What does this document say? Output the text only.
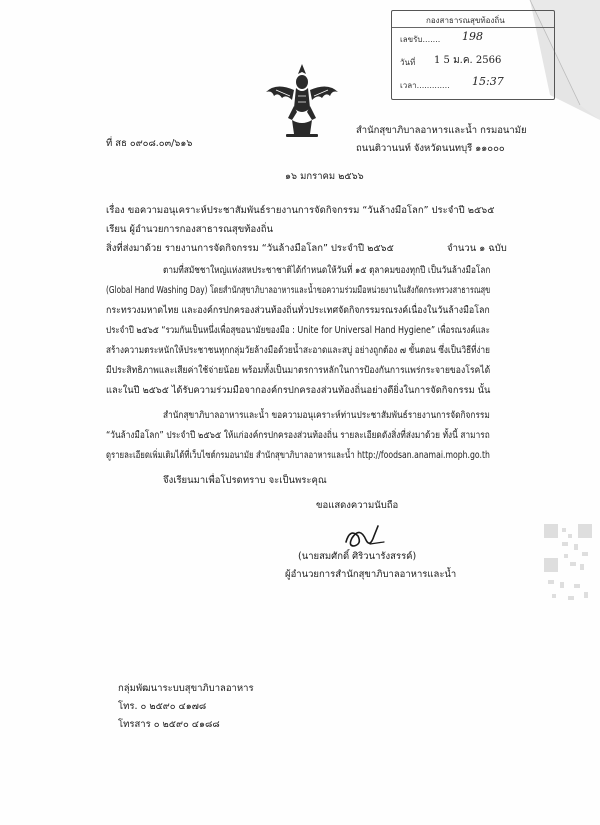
กองสาธารณสุขท้องถิ่น
เลขรับ....... 198
วันที่ 1 5 ม.ค. 2566
เวลา............. 15:37
ที่ สธ ๐๙๐๘.๐๓/๖๑๖
สำนักสุขาภิบาลอาหารและน้ำ กรมอนามัย
ถนนติวานนท์ จังหวัดนนทบุรี ๑๑๐๐๐
๑๖ มกราคม ๒๕๖๖
เรื่อง ขอความอนุเคราะห์ประชาสัมพันธ์รายงานการจัดกิจกรรม “วันล้างมือโลก” ประจำปี ๒๕๖๕
เรียน ผู้อำนวยการกองสาธารณสุขท้องถิ่น
สิ่งที่ส่งมาด้วย รายงานการจัดกิจกรรม “วันล้างมือโลก” ประจำปี ๒๕๖๕	จำนวน ๑ ฉบับ
ตามที่สมัชชาใหญ่แห่งสหประชาชาติได้กำหนดให้วันที่ ๑๕ ตุลาคมของทุกปี เป็นวันล้างมือโลก
(Global Hand Washing Day) โดยสำนักสุขาภิบาลอาหารและน้ำขอความร่วมมือหน่วยงานในสังกัดกระทรวงสาธารณสุข
กระทรวงมหาดไทย และองค์กรปกครองส่วนท้องถิ่นทั่วประเทศจัดกิจกรรมรณรงค์เนื่องในวันล้างมือโลก
ประจำปี ๒๕๖๕ “รวมกันเป็นหนึ่งเพื่อสุขอนามัยของมือ : Unite for Universal Hand Hygiene” เพื่อรณรงค์และ
สร้างความตระหนักให้ประชาชนทุกกลุ่มวัยล้างมือด้วยน้ำสะอาดและสบู่ อย่างถูกต้อง ๗ ขั้นตอน ซึ่งเป็นวิธีที่ง่าย
มีประสิทธิภาพและเสียค่าใช้จ่ายน้อย พร้อมทั้งเป็นมาตรการหลักในการป้องกันการแพร่กระจายของโรคได้
และในปี ๒๕๖๕ ได้รับความร่วมมือจากองค์กรปกครองส่วนท้องถิ่นอย่างดียิ่งในการจัดกิจกรรม นั้น
สำนักสุขาภิบาลอาหารและน้ำ ขอความอนุเคราะห์ท่านประชาสัมพันธ์รายงานการจัดกิจกรรม
“วันล้างมือโลก” ประจำปี ๒๕๖๕ ให้แก่องค์กรปกครองส่วนท้องถิ่น รายละเอียดดังสิ่งที่ส่งมาด้วย ทั้งนี้ สามารถ
ดูรายละเอียดเพิ่มเติมได้ที่เว็บไซต์กรมอนามัย สำนักสุขาภิบาลอาหารและน้ำ http://foodsan.anamai.moph.go.th
จึงเรียนมาเพื่อโปรดทราบ จะเป็นพระคุณ
ขอแสดงความนับถือ
(นายสมศักดิ์ ศิริวนารังสรรค์)
ผู้อำนวยการสำนักสุขาภิบาลอาหารและน้ำ
กลุ่มพัฒนาระบบสุขาภิบาลอาหาร
โทร. ๐ ๒๕๙๐ ๔๑๗๘
โทรสาร ๐ ๒๕๙๐ ๔๑๘๘
